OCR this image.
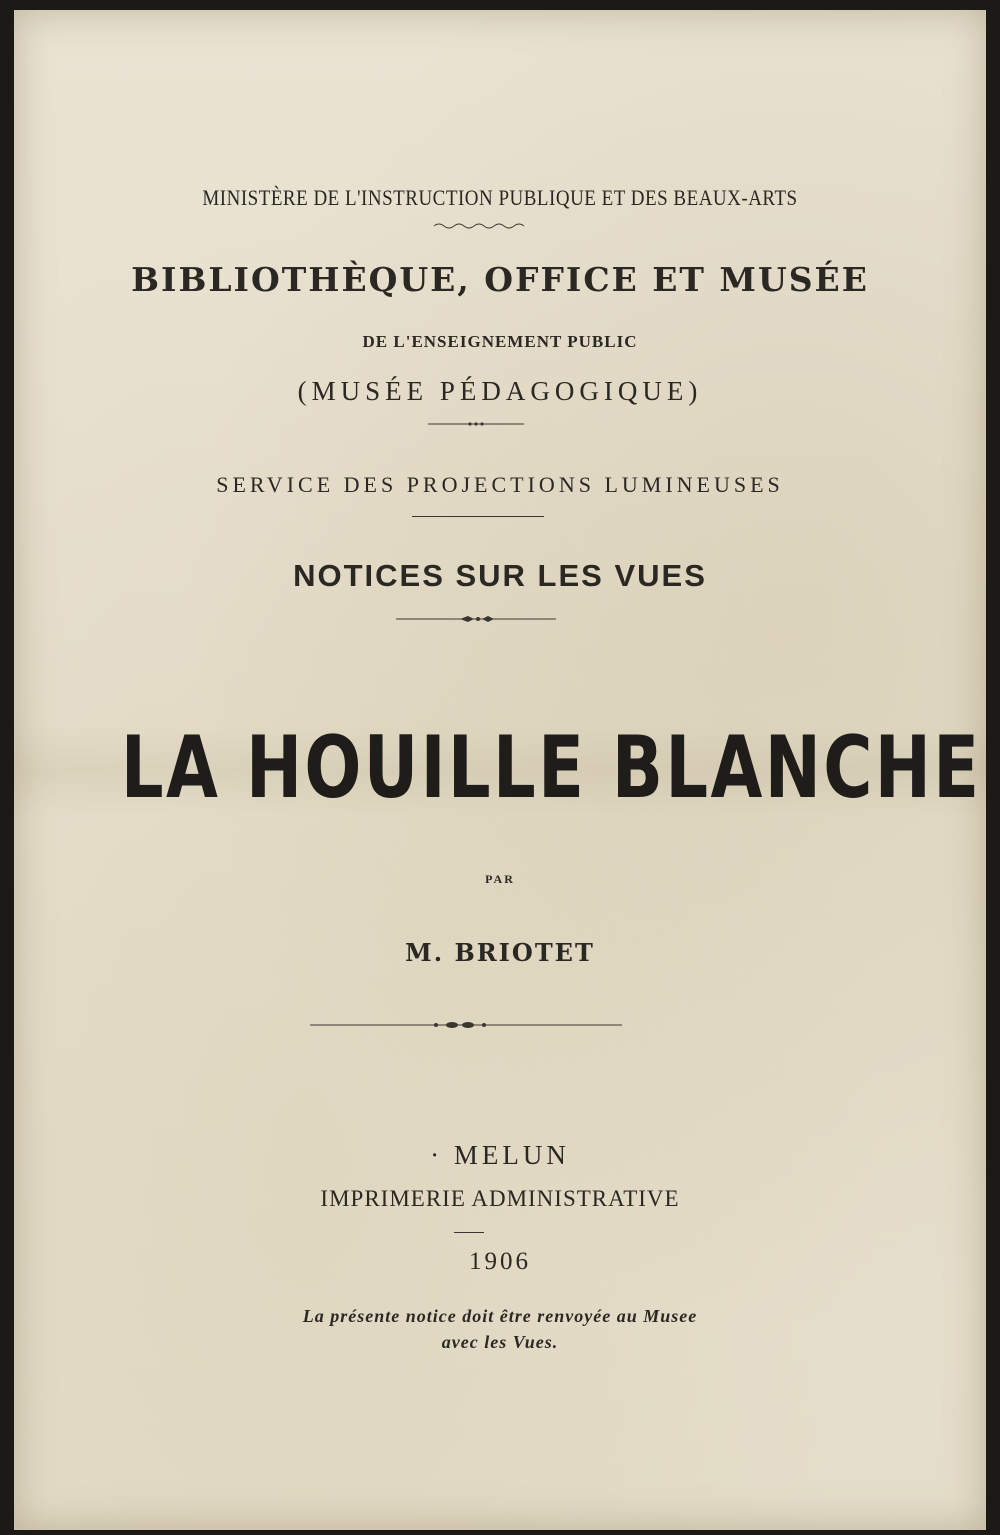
MINISTÈRE DE L'INSTRUCTION PUBLIQUE ET DES BEAUX-ARTS
BIBLIOTHÈQUE, OFFICE ET MUSÉE
DE L'ENSEIGNEMENT PUBLIC
(MUSÉE PÉDAGOGIQUE)
SERVICE DES PROJECTIONS LUMINEUSES
NOTICES SUR LES VUES
LA HOUILLE BLANCHE
PAR
M. BRIOTET
· MELUN
IMPRIMERIE ADMINISTRATIVE
1906
La présente notice doit être renvoyée au Musee
avec les Vues.
